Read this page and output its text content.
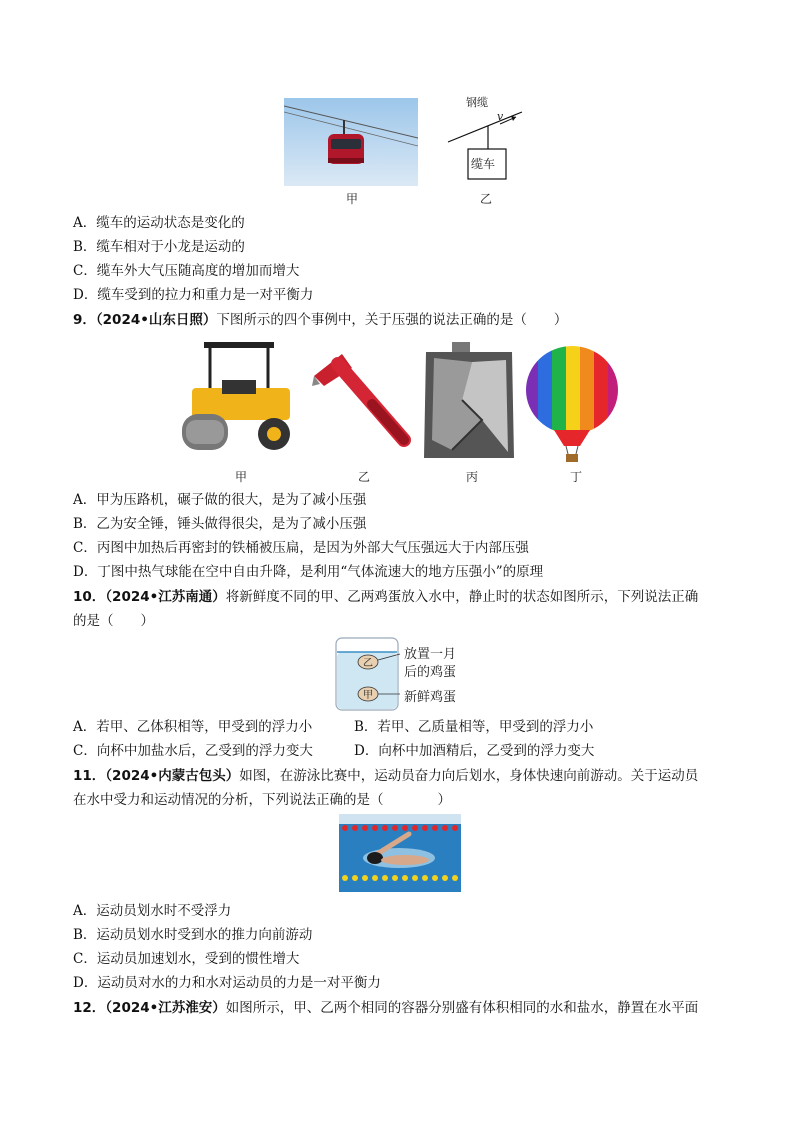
甲
钢缆
v
缆车
乙
A．缆车的运动状态是变化的
B．缆车相对于小龙是运动的
C．缆车外大气压随高度的增加而增大
D．缆车受到的拉力和重力是一对平衡力
9．（2024•山东日照）下图所示的四个事例中，关于压强的说法正确的是（　　）
甲	乙	丙	丁
A．甲为压路机，碾子做的很大，是为了减小压强
B．乙为安全锤，锤头做得很尖，是为了减小压强
C．丙图中加热后再密封的铁桶被压扁，是因为外部大气压强远大于内部压强
D．丁图中热气球能在空中自由升降，是利用“气体流速大的地方压强小”的原理
10．（2024•江苏南通）将新鲜度不同的甲、乙两鸡蛋放入水中，静止时的状态如图所示，下列说法正确
的是（　　）
乙
甲
放置一月
后的鸡蛋
新鲜鸡蛋
A．若甲、乙体积相等，甲受到的浮力小	B．若甲、乙质量相等，甲受到的浮力小
C．向杯中加盐水后，乙受到的浮力变大	D．向杯中加酒精后，乙受到的浮力变大
11．（2024•内蒙古包头）如图，在游泳比赛中，运动员奋力向后划水，身体快速向前游动。关于运动员
在水中受力和运动情况的分析，下列说法正确的是（　　　　）
A．运动员划水时不受浮力
B．运动员划水时受到水的推力向前游动
C．运动员加速划水，受到的惯性增大
D．运动员对水的力和水对运动员的力是一对平衡力
12．（2024•江苏淮安）如图所示，甲、乙两个相同的容器分别盛有体积相同的水和盐水，静置在水平面
